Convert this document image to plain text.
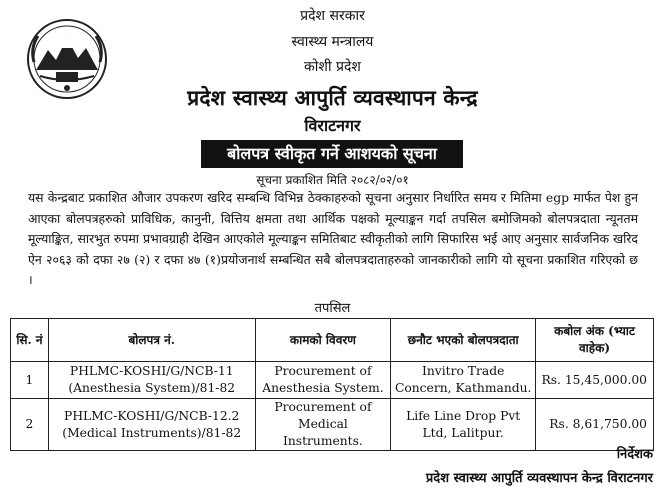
प्रदेश सरकार
स्वास्थ्य मन्त्रालय
कोशी प्रदेश
प्रदेश स्वास्थ्य आपुर्ति व्यवस्थापन केन्द्र
विराटनगर
बोलपत्र स्वीकृत गर्ने आशयको सूचना
सूचना प्रकाशित मिति २०८२/०२/०१
यस केन्द्रबाट प्रकाशित औजार उपकरण खरिद सम्बन्धि विभिन्न ठेक्काहरुको सूचना अनुसार निर्धारित समय र मितिमा egp मार्फत पेश हुन आएका बोलपत्रहरुको प्राविधिक, कानुनी, वित्तिय क्षमता तथा आर्थिक पक्षको मूल्याङ्कन गर्दा तपसिल बमोजिमको बोलपत्रदाता न्यूनतम मूल्याङ्कित, सारभुत रुपमा प्रभावग्राही देखिन आएकोले मूल्याङ्कन समितिबाट स्वीकृतीको लागि सिफारिस भई आए अनुसार सार्वजनिक खरिद ऐन २०६३ को दफा २७ (२) र दफा ४७ (१)प्रयोजनार्थ सम्बन्धित सबै बोलपत्रदाताहरुको जानकारीको लागि यो सूचना प्रकाशित गरिएको छ ।
तपसिल
सि. नं	बोलपत्र नं.	कामको विवरण	छनौट भएको बोलपत्रदाता	कबोल अंक (भ्याट वाहेक)
1	PHLMC-KOSHI/G/NCB-11 (Anesthesia System)/81-82	Procurement of Anesthesia System.	Invitro Trade Concern, Kathmandu.	Rs. 15,45,000.00
2	PHLMC-KOSHI/G/NCB-12.2 (Medical Instruments)/81-82	Procurement of Medical Instruments.	Life Line Drop Pvt Ltd, Lalitpur.	Rs. 8,61,750.00
निर्देशक
प्रदेश स्वास्थ्य आपुर्ति व्यवस्थापन केन्द्र विराटनगर
